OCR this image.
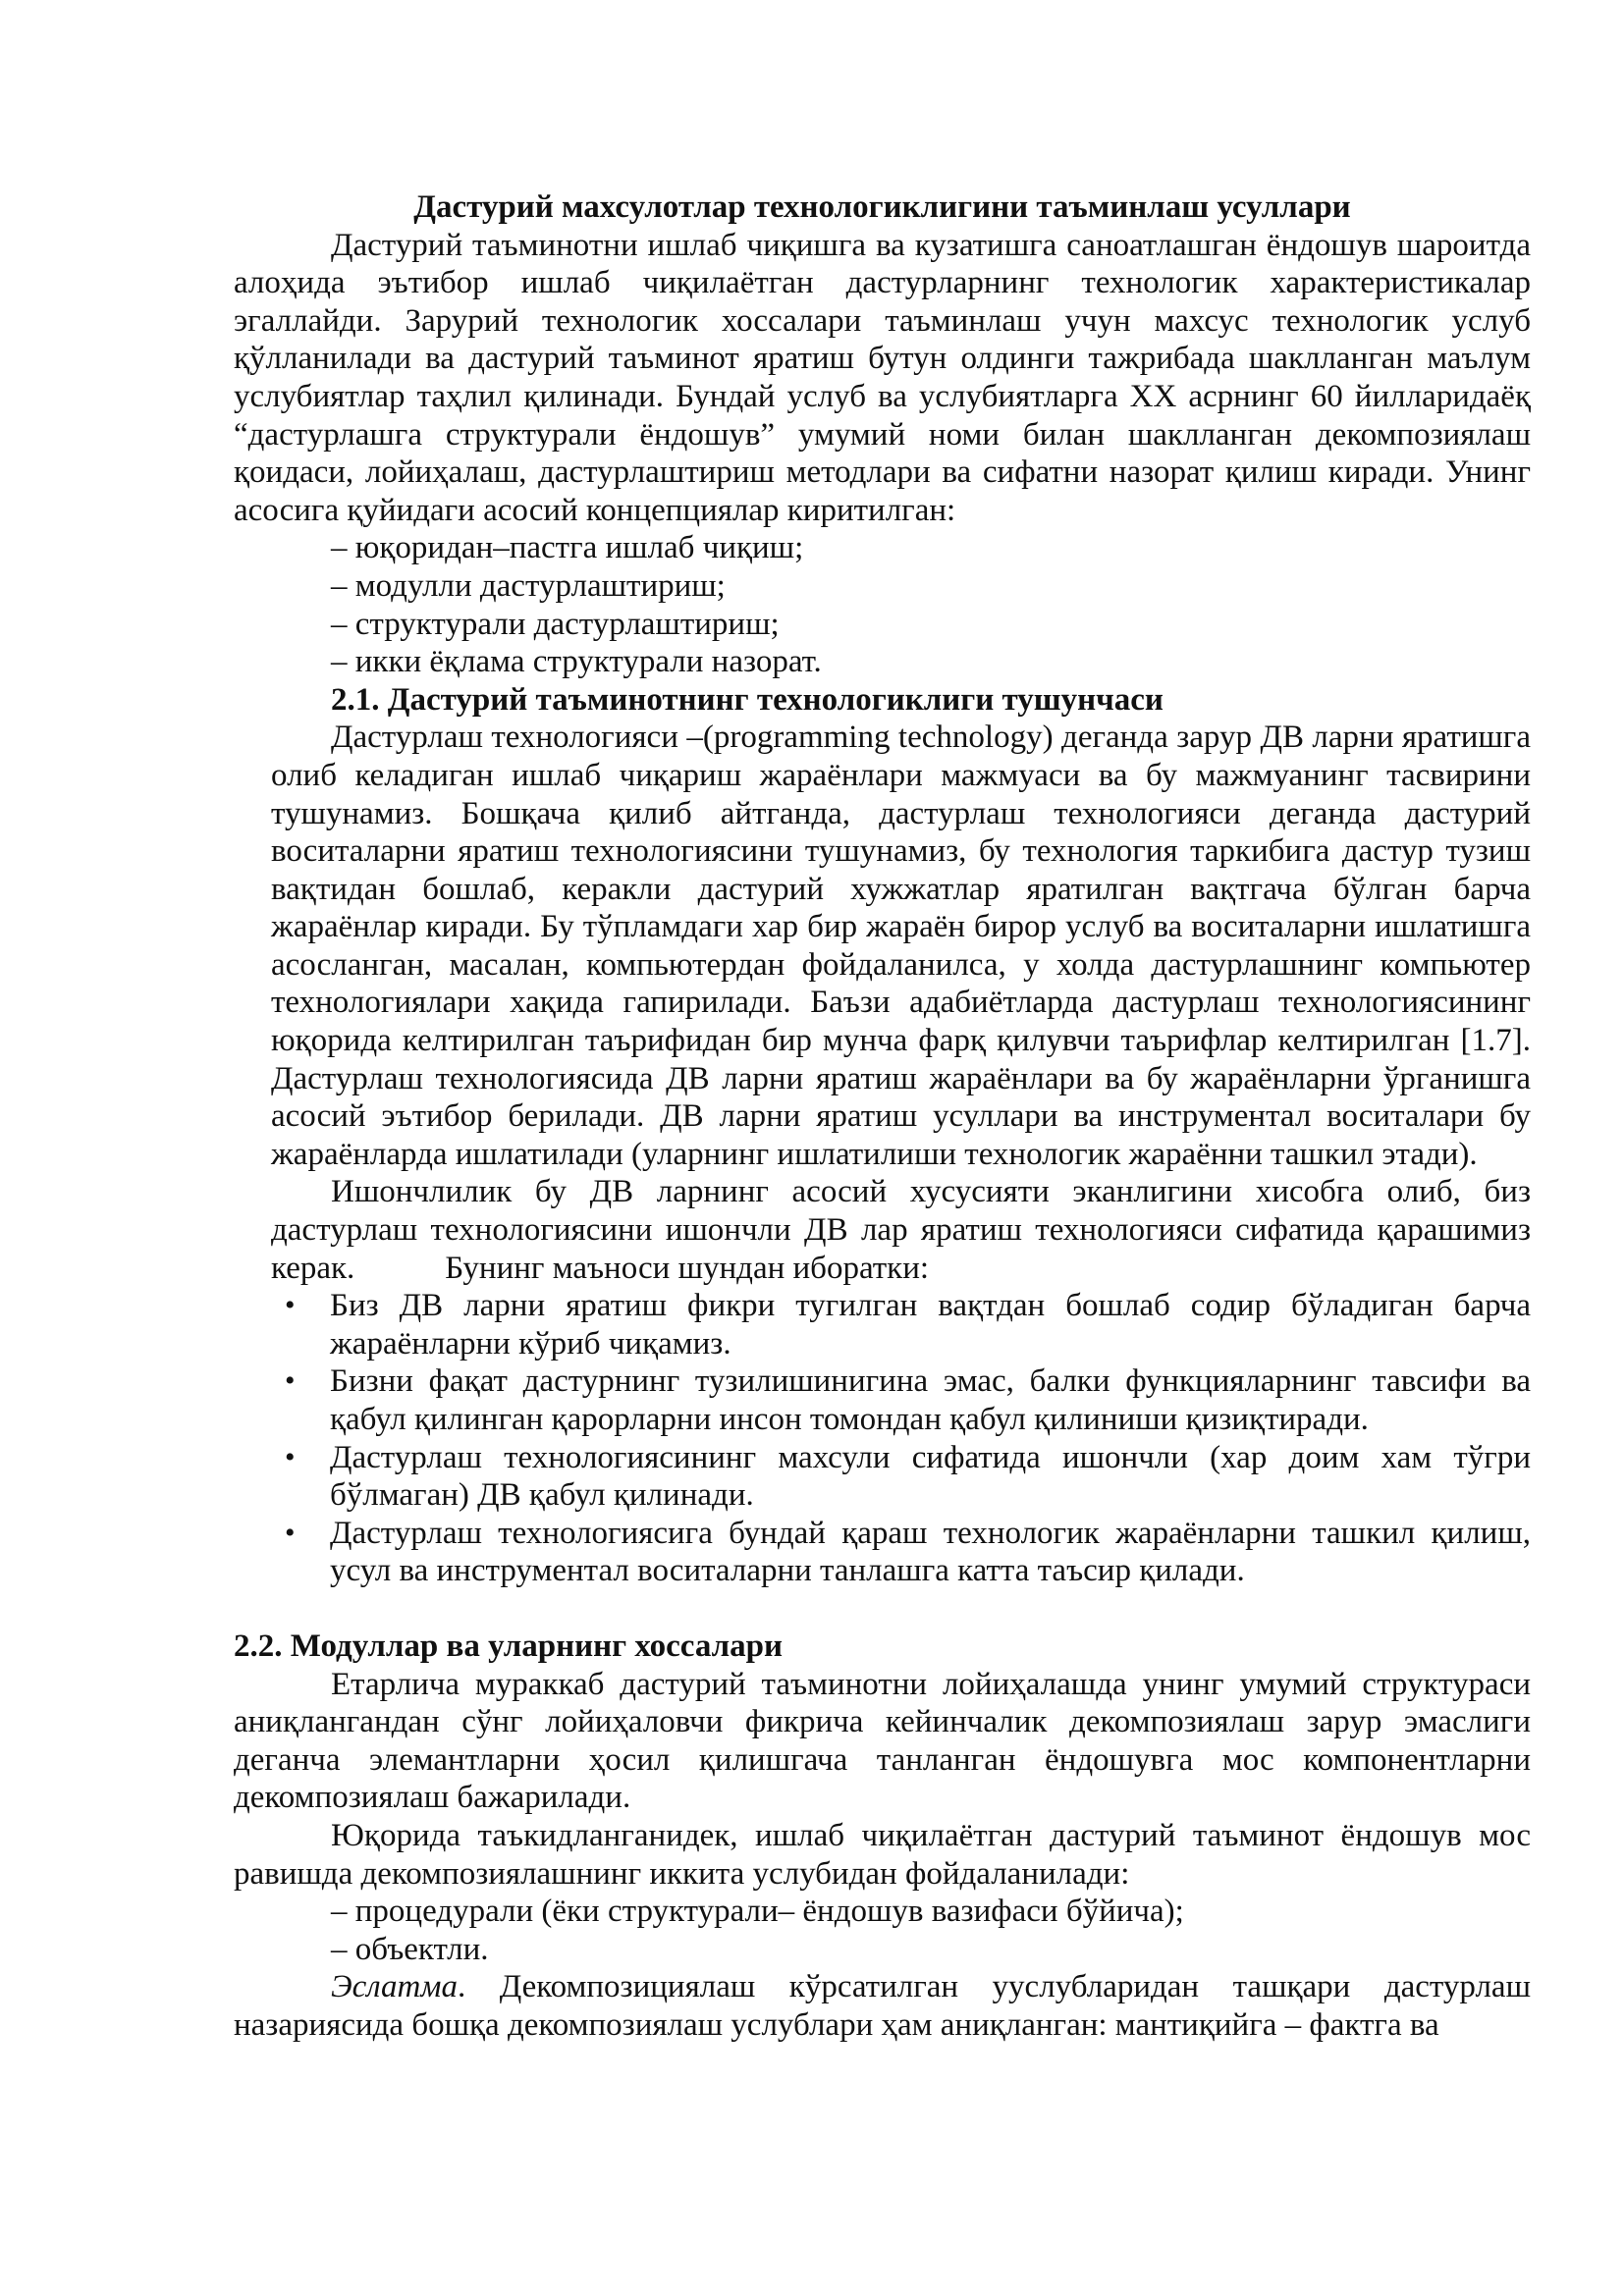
Дастурий махсулотлар технологиклигини таъминлаш усуллари

Дастурий таъминотни ишлаб чиқишга ва кузатишга саноатлашган ёндошув шароитда алоҳида эътибор ишлаб чиқилаётган дастурларнинг технологик характеристикалар эгаллайди. Зарурий технологик хоссалари таъминлаш учун махсус технологик услуб қўлланилади ва дастурий таъминот яратиш бутун олдинги тажрибада шаклланган маълум услубиятлар таҳлил қилинади. Бундай услуб ва услубиятларга ХХ асрнинг 60 йилларидаёқ “дастурлашга структурали ёндошув” умумий номи билан шаклланган декомпозиялаш қоидаси, лойиҳалаш, дастурлаштириш методлари ва сифатни назорат қилиш киради. Унинг асосига қуйидаги асосий концепциялар киритилган:

– юқоридан–пастга ишлаб чиқиш;

– модулли дастурлаштириш;

– структурали дастурлаштириш;

– икки ёқлама структурали назорат.

2.1. Дастурий таъминотнинг технологиклиги тушунчаси

Дастурлаш технологияси –(programming technology) деганда зарур ДВ ларни яратишга олиб келадиган ишлаб чиқариш жараёнлари мажмуаси ва бу мажмуанинг тасвирини тушунамиз. Бошқача қилиб айтганда, дастурлаш технологияси деганда дастурий воситаларни яратиш технологиясини тушунамиз, бу технология таркибига дастур тузиш вақтидан бошлаб, керакли дастурий хужжатлар яратилган вақтгача бўлган барча жараёнлар киради. Бу тўпламдаги хар бир жараён бирор услуб ва воситаларни ишлатишга асосланган, масалан, компьютердан фойдаланилса, у холда дастурлашнинг компьютер технологиялари хақида гапирилади. Баъзи адабиётларда дастурлаш технологиясининг юқорида келтирилган таърифидан бир мунча фарқ қилувчи таърифлар келтирилган [1.7]. Дастурлаш технологиясида ДВ ларни яратиш жараёнлари ва бу жараёнларни ўрганишга асосий эътибор берилади. ДВ ларни яратиш усуллари ва инструментал воситалари бу жараёнларда ишлатилади (уларнинг ишлатилиши технологик жараённи ташкил этади).

Ишончлилик бу ДВ ларнинг асосий хусусияти эканлигини хисобга олиб, биз дастурлаш технологиясини ишончли ДВ лар яратиш технологияси сифатида қарашимиз керак.	Бунинг маъноси шундан иборатки:

• Биз ДВ ларни яратиш фикри тугилган вақтдан бошлаб содир бўладиган барча жараёнларни кўриб чиқамиз.
• Бизни фақат дастурнинг тузилишинигина эмас, балки функцияларнинг тавсифи ва қабул қилинган қарорларни инсон томондан қабул қилиниши қизиқтиради.
• Дастурлаш технологиясининг махсули сифатида ишончли (хар доим хам тўгри бўлмаган) ДВ қабул қилинади.
• Дастурлаш технологиясига бундай қараш технологик жараёнларни ташкил қилиш, усул ва инструментал воситаларни танлашга катта таъсир қилади.

2.2. Модуллар ва уларнинг хоссалари

Етарлича мураккаб дастурий таъминотни лойиҳалашда унинг умумий структураси аниқлангандан сўнг лойиҳаловчи фикрича кейинчалик декомпозиялаш зарур эмаслиги деганча элемантларни ҳосил қилишгача танланган ёндошувга мос компонентларни декомпозиялаш бажарилади.

Юқорида таъкидланганидек, ишлаб чиқилаётган дастурий таъминот ёндошув мос равишда декомпозиялашнинг иккита услубидан фойдаланилади:

– процедурали (ёки структурали– ёндошув вазифаси бўйича);

– объектли.

Эслатма. Декомпозициялаш кўрсатилган ууслубларидан ташқари дастурлаш назариясида бошқа декомпозиялаш услублари ҳам аниқланган: мантиқийга – фактга ва
